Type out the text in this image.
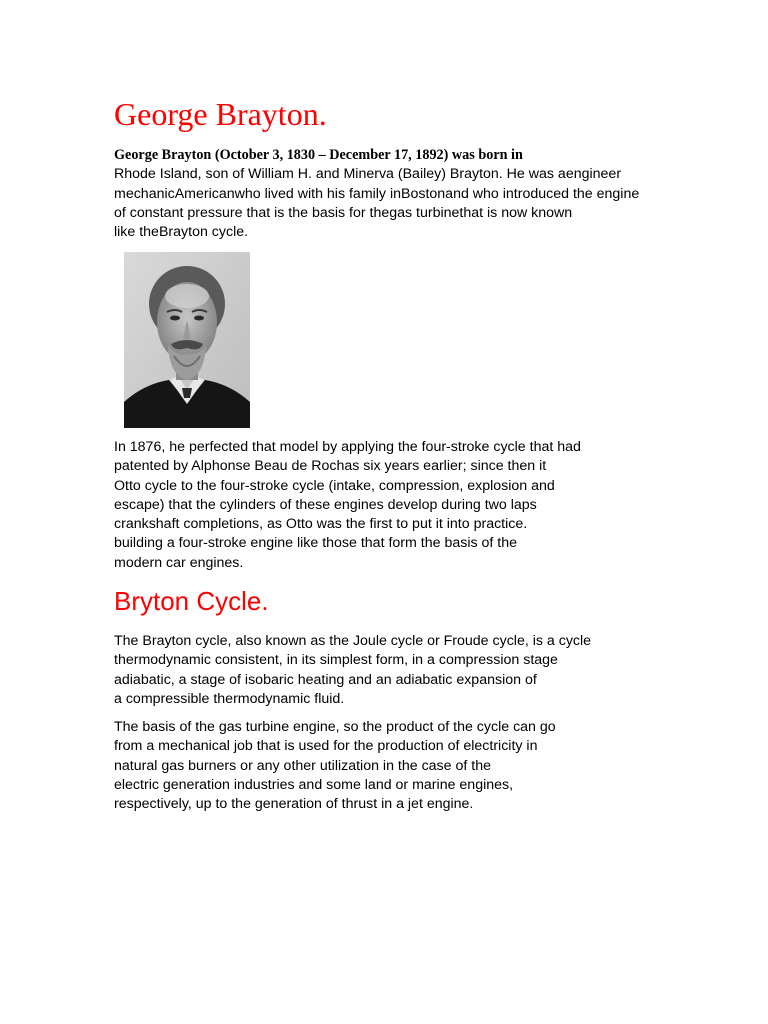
George Brayton.

George Brayton (October 3, 1830 – December 17, 1892) was born in
Rhode Island, son of William H. and Minerva (Bailey) Brayton. He was aengineer
mechanicAmericanwho lived with his family inBostonand who introduced the engine
of constant pressure that is the basis for thegas turbinethat is now known
like theBrayton cycle.

In 1876, he perfected that model by applying the four-stroke cycle that had
patented by Alphonse Beau de Rochas six years earlier; since then it
Otto cycle to the four-stroke cycle (intake, compression, explosion and
escape) that the cylinders of these engines develop during two laps
crankshaft completions, as Otto was the first to put it into practice.
building a four-stroke engine like those that form the basis of the
modern car engines.

Bryton Cycle.

The Brayton cycle, also known as the Joule cycle or Froude cycle, is a cycle
thermodynamic consistent, in its simplest form, in a compression stage
adiabatic, a stage of isobaric heating and an adiabatic expansion of
a compressible thermodynamic fluid.

The basis of the gas turbine engine, so the product of the cycle can go
from a mechanical job that is used for the production of electricity in
natural gas burners or any other utilization in the case of the
electric generation industries and some land or marine engines,
respectively, up to the generation of thrust in a jet engine.
